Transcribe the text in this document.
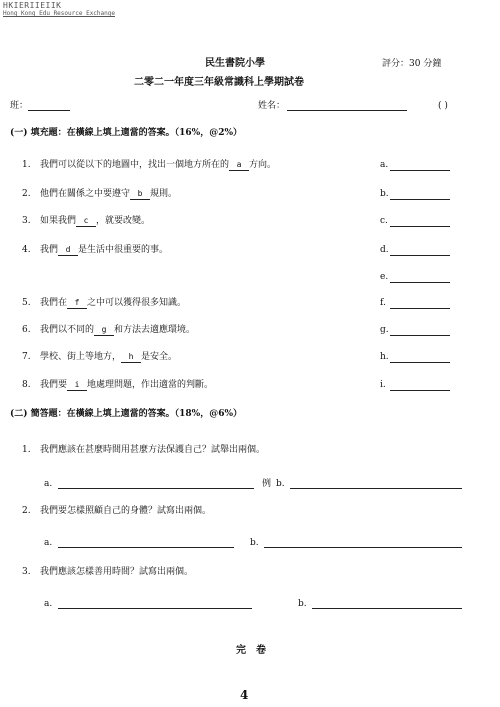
HKIERIIEIIK
Hong Kong Edu Resource Exchange
民生書院小學	評分：30 分鐘
二零二一年度三年級常識科上學期試卷
班：	姓名：	( )
(一) 填充題：在橫線上填上適當的答案。（16%，@2%）
1. 我們可以從以下的地圖中，找出一個地方所在的 a 方向。	a.
2. 他們在關係之中要遵守 b 規則。	b.
3. 如果我們 c ，就要改變。	c.
4. 我們 d 是生活中很重要的事。	d.
e.
5. 我們在 f 之中可以獲得很多知識。	f.
6. 我們以不同的 g 和方法去適應環境。	g.
7. 學校、街上等地方， h 是安全。	h.
8. 我們要 i 地處理問題，作出適當的判斷。	i.
(二) 簡答題：在橫線上填上適當的答案。（18%，@6%）
1. 我們應該在甚麼時間用甚麼方法保護自己？試舉出兩個。
a.	例 b.
2. 我們要怎樣照顧自己的身體？試寫出兩個。
a.	b.
3. 我們應該怎樣善用時間？試寫出兩個。
a.	b.
完　卷
4
